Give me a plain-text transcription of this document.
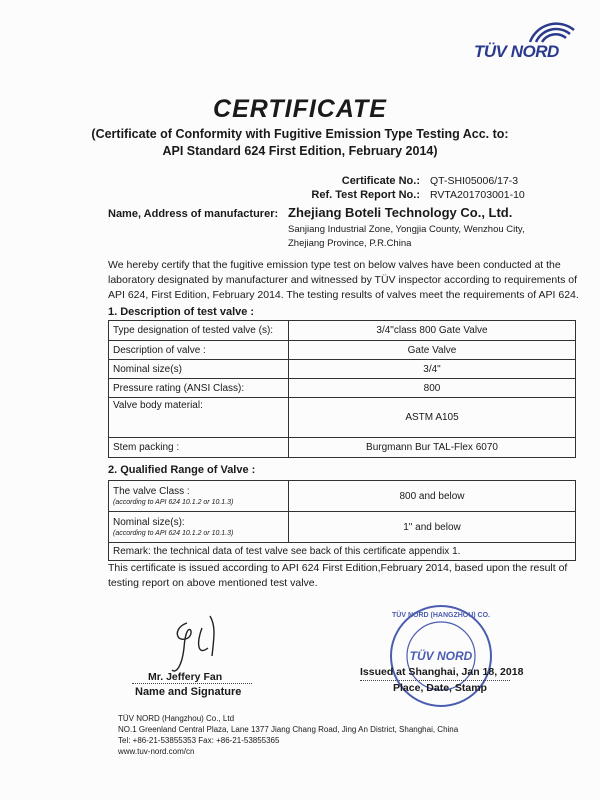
TÜV NORD
CERTIFICATE
(Certificate of Conformity with Fugitive Emission Type Testing Acc. to:
API Standard 624 First Edition, February 2014)
Certificate No.: QT-SHI05006/17-3
Ref. Test Report No.: RVTA201703001-10
Name, Address of manufacturer: Zhejiang Boteli Technology Co., Ltd.
Sanjiang Industrial Zone, Yongjia County, Wenzhou City,
Zhejiang Province, P.R.China
We hereby certify that the fugitive emission type test on below valves have been conducted at the laboratory designated by manufacturer and witnessed by TÜV inspector according to requirements of API 624, First Edition, February 2014. The testing results of valves meet the requirements of API 624.
1. Description of test valve :
Type designation of tested valve (s):	3/4"class 800 Gate Valve
Description of valve :	Gate Valve
Nominal size(s)	3/4"
Pressure rating (ANSI Class):	800
Valve body material:	ASTM A105
Stem packing :	Burgmann Bur TAL-Flex 6070
2. Qualified Range of Valve :
The valve Class :
(according to API 624 10.1.2 or 10.1.3)	800 and below
Nominal size(s):
(according to API 624 10.1.2 or 10.1.3)	1" and below
Remark: the technical data of test valve see back of this certificate appendix 1.
This certificate is issued according to API 624 First Edition,February 2014, based upon the result of testing report on above mentioned test valve.
Mr. Jeffery Fan
Name and Signature
TÜV NORD
TÜV NORD (HANGZHOU) CO.
Issued at Shanghai, Jan 18, 2018
Place, Date, Stamp
TÜV NORD (Hangzhou) Co., Ltd
NO.1 Greenland Central Plaza, Lane 1377 Jiang Chang Road, Jing An District, Shanghai, China
Tel: +86-21-53855353 Fax: +86-21-53855365
www.tuv-nord.com/cn
